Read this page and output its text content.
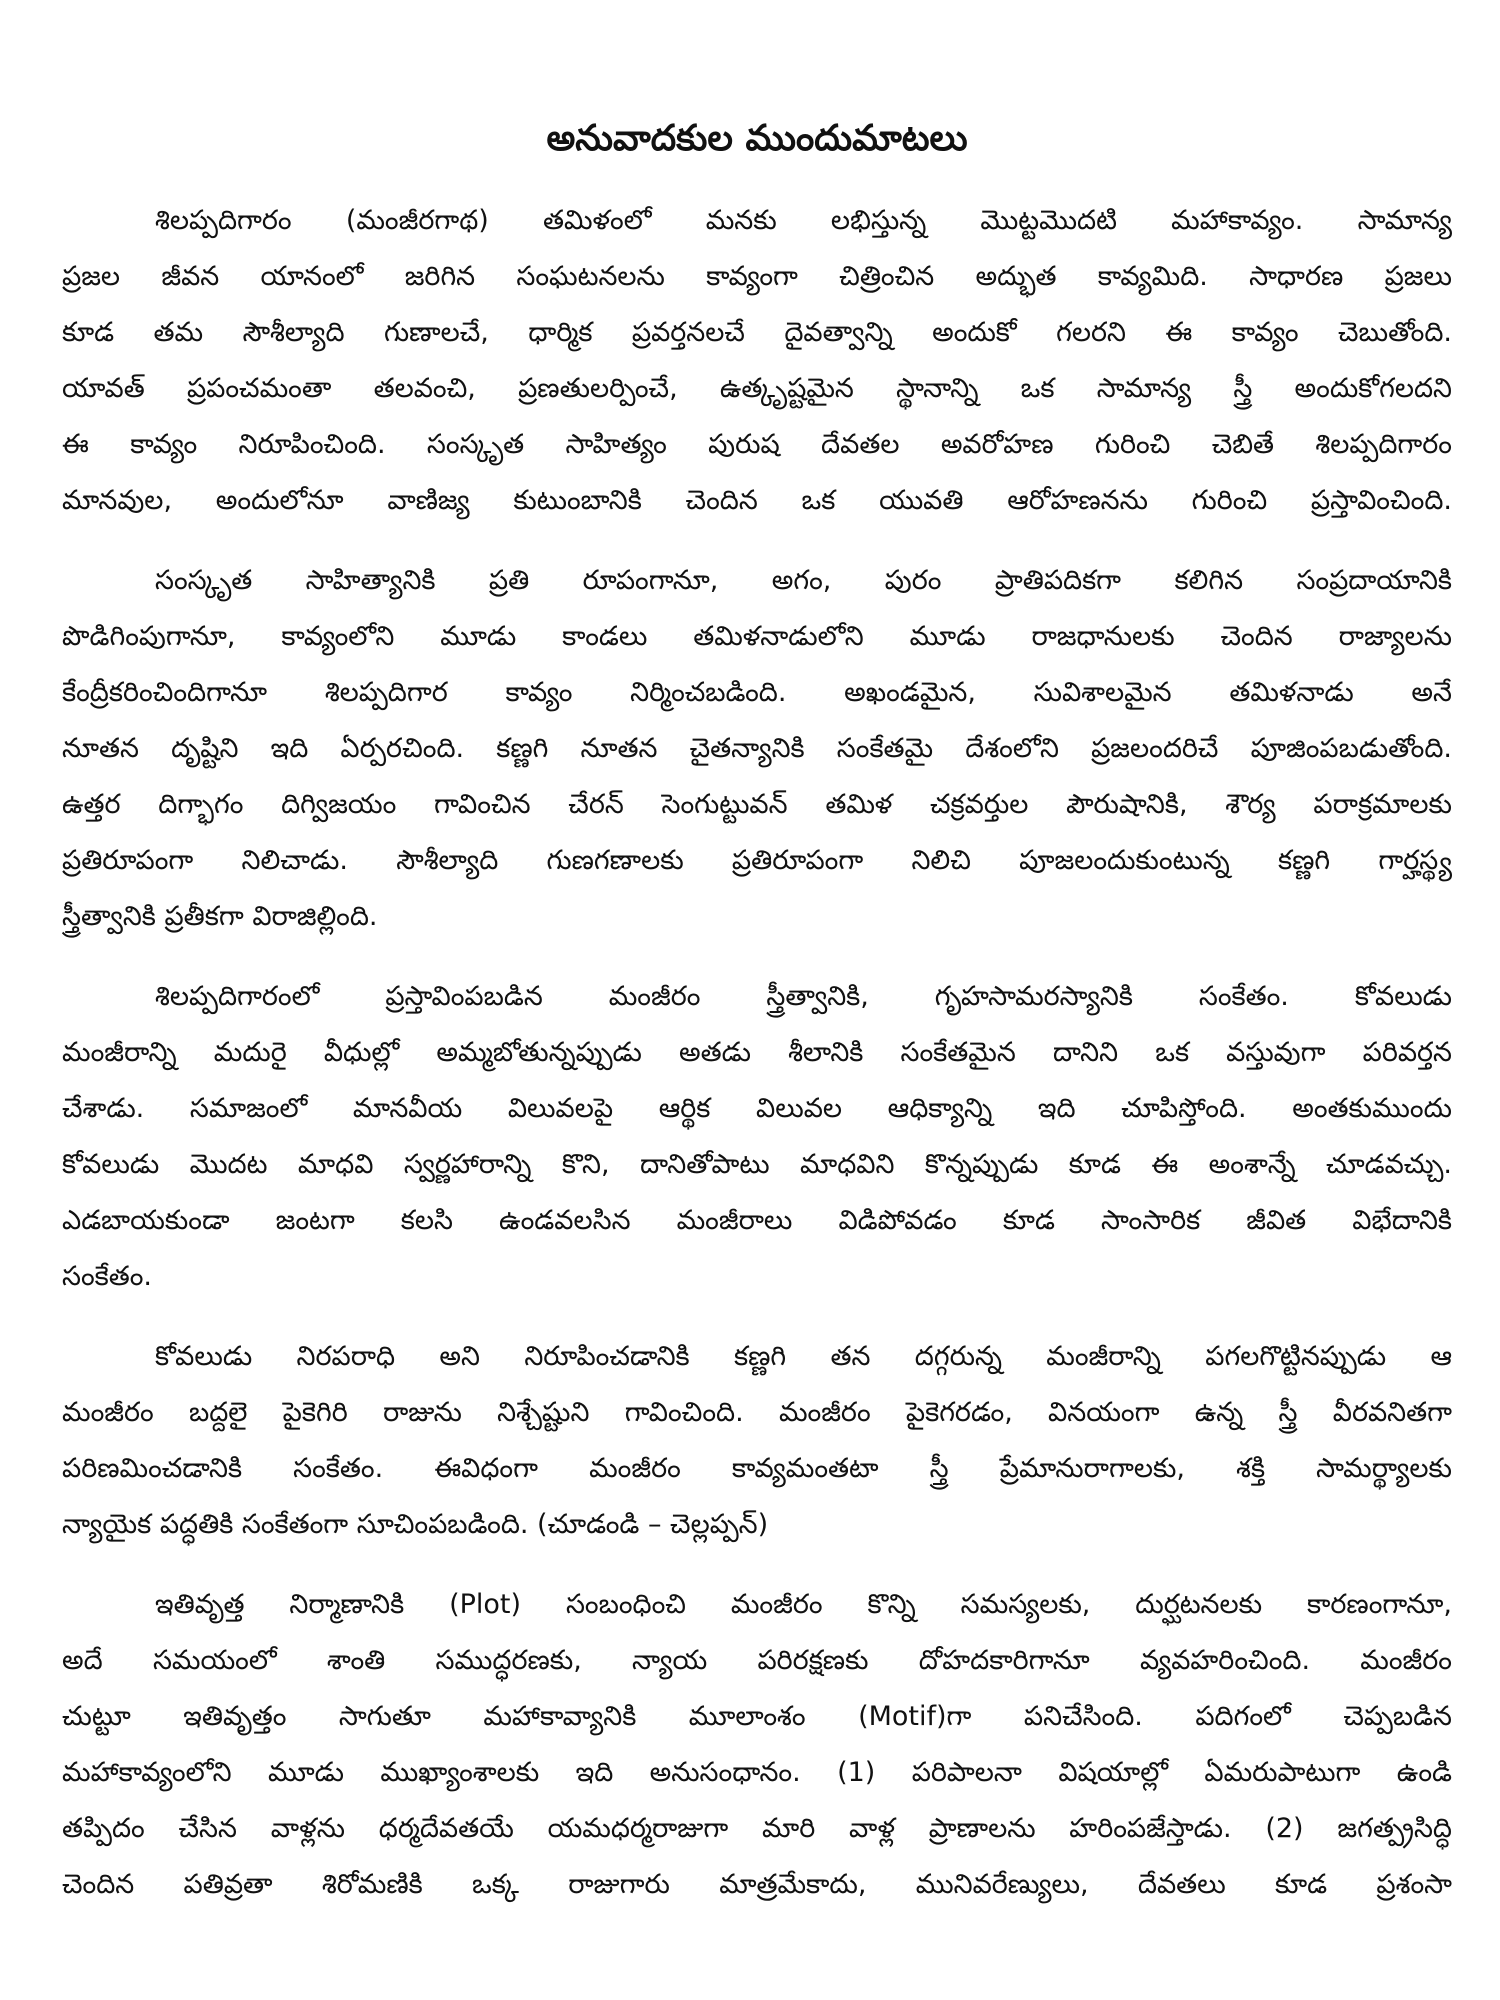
అనువాదకుల ముందుమాటలు
శిలప్పదిగారం (మంజీరగాథ) తమిళంలో మనకు లభిస్తున్న మొట్టమొదటి మహాకావ్యం. సామాన్య
ప్రజల జీవన యానంలో జరిగిన సంఘటనలను కావ్యంగా చిత్రించిన అద్భుత కావ్యమిది. సాధారణ ప్రజలు
కూడ తమ సౌశీల్యాది గుణాలచే, ధార్మిక ప్రవర్తనలచే దైవత్వాన్ని అందుకో గలరని ఈ కావ్యం చెబుతోంది.
యావత్ ప్రపంచమంతా తలవంచి, ప్రణతులర్పించే, ఉత్కృష్టమైన స్థానాన్ని ఒక సామాన్య స్త్రీ అందుకోగలదని
ఈ కావ్యం నిరూపించింది. సంస్కృత సాహిత్యం పురుష దేవతల అవరోహణ గురించి చెబితే శిలప్పదిగారం
మానవుల, అందులోనూ వాణిజ్య కుటుంబానికి చెందిన ఒక యువతి ఆరోహణనను గురించి ప్రస్తావించింది.
సంస్కృత సాహిత్యానికి ప్రతి రూపంగానూ, అగం, పురం ప్రాతిపదికగా కలిగిన సంప్రదాయానికి
పొడిగింపుగానూ, కావ్యంలోని మూడు కాండలు తమిళనాడులోని మూడు రాజధానులకు చెందిన రాజ్యాలను
కేంద్రీకరించిందిగానూ శిలప్పదిగార కావ్యం నిర్మించబడింది. అఖండమైన, సువిశాలమైన తమిళనాడు అనే
నూతన దృష్టిని ఇది ఏర్పరచింది. కణ్ణగి నూతన చైతన్యానికి సంకేతమై దేశంలోని ప్రజలందరిచే పూజింపబడుతోంది.
ఉత్తర దిగ్భాగం దిగ్విజయం గావించిన చేరన్ సెంగుట్టువన్ తమిళ చక్రవర్తుల పౌరుషానికి, శౌర్య పరాక్రమాలకు
ప్రతిరూపంగా నిలిచాడు. సౌశీల్యాది గుణగణాలకు ప్రతిరూపంగా నిలిచి పూజలందుకుంటున్న కణ్ణగి గార్హస్థ్య
స్త్రీత్వానికి ప్రతీకగా విరాజిల్లింది.
శిలప్పదిగారంలో ప్రస్తావింపబడిన మంజీరం స్త్రీత్వానికి, గృహసామరస్యానికి సంకేతం. కోవలుడు
మంజీరాన్ని మదురై వీధుల్లో అమ్మబోతున్నప్పుడు అతడు శీలానికి సంకేతమైన దానిని ఒక వస్తువుగా పరివర్తన
చేశాడు. సమాజంలో మానవీయ విలువలపై ఆర్థిక విలువల ఆధిక్యాన్ని ఇది చూపిస్తోంది. అంతకుముందు
కోవలుడు మొదట మాధవి స్వర్ణహారాన్ని కొని, దానితోపాటు మాధవిని కొన్నప్పుడు కూడ ఈ అంశాన్నే చూడవచ్చు.
ఎడబాయకుండా జంటగా కలసి ఉండవలసిన మంజీరాలు విడిపోవడం కూడ సాంసారిక జీవిత విభేదానికి
సంకేతం.
కోవలుడు నిరపరాధి అని నిరూపించడానికి కణ్ణగి తన దగ్గరున్న మంజీరాన్ని పగలగొట్టినప్పుడు ఆ
మంజీరం బద్దలై పైకెగిరి రాజును నిశ్చేష్టుని గావించింది. మంజీరం పైకెగరడం, వినయంగా ఉన్న స్త్రీ వీరవనితగా
పరిణమించడానికి సంకేతం. ఈవిధంగా మంజీరం కావ్యమంతటా స్త్రీ ప్రేమానురాగాలకు, శక్తి సామర్థ్యాలకు
న్యాయైక పద్ధతికి సంకేతంగా సూచింపబడింది. (చూడండి – చెల్లప్పన్)
ఇతివృత్త నిర్మాణానికి (Plot) సంబంధించి మంజీరం కొన్ని సమస్యలకు, దుర్ఘటనలకు కారణంగానూ,
అదే సమయంలో శాంతి సముద్ధరణకు, న్యాయ పరిరక్షణకు దోహదకారిగానూ వ్యవహరించింది. మంజీరం
చుట్టూ ఇతివృత్తం సాగుతూ మహాకావ్యానికి మూలాంశం (Motif)గా పనిచేసింది. పదిగంలో చెప్పబడిన
మహాకావ్యంలోని మూడు ముఖ్యాంశాలకు ఇది అనుసంధానం. (1) పరిపాలనా విషయాల్లో ఏమరుపాటుగా ఉండి
తప్పిదం చేసిన వాళ్లను ధర్మదేవతయే యమధర్మరాజుగా మారి వాళ్ల ప్రాణాలను హరింపజేస్తాడు. (2) జగత్ప్రసిద్ధి
చెందిన పతివ్రతా శిరోమణికి ఒక్క రాజుగారు మాత్రమేకాదు, మునివరేణ్యులు, దేవతలు కూడ ప్రశంసా
